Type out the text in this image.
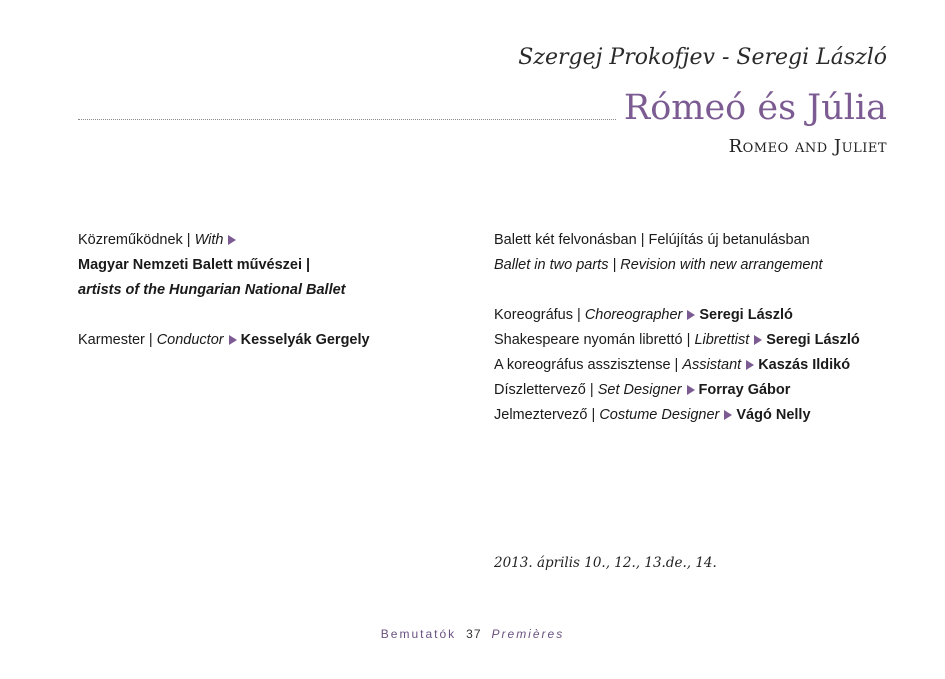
Szergej Prokofjev - Seregi László
Rómeó és Júlia
Romeo and Juliet
Közreműködnek | With
Magyar Nemzeti Balett művészei |
artists of the Hungarian National Ballet
Karmester | Conductor Kesselyák Gergely
Balett két felvonásban | Felújítás új betanulásban
Ballet in two parts | Revision with new arrangement
Koreográfus | Choreographer Seregi László
Shakespeare nyomán librettó | Librettist Seregi László
A koreográfus asszisztense | Assistant Kaszás Ildikó
Díszlettervező | Set Designer Forray Gábor
Jelmeztervező | Costume Designer Vágó Nelly
2013. április 10., 12., 13.de., 14.
Bemutatók 37 Premières
